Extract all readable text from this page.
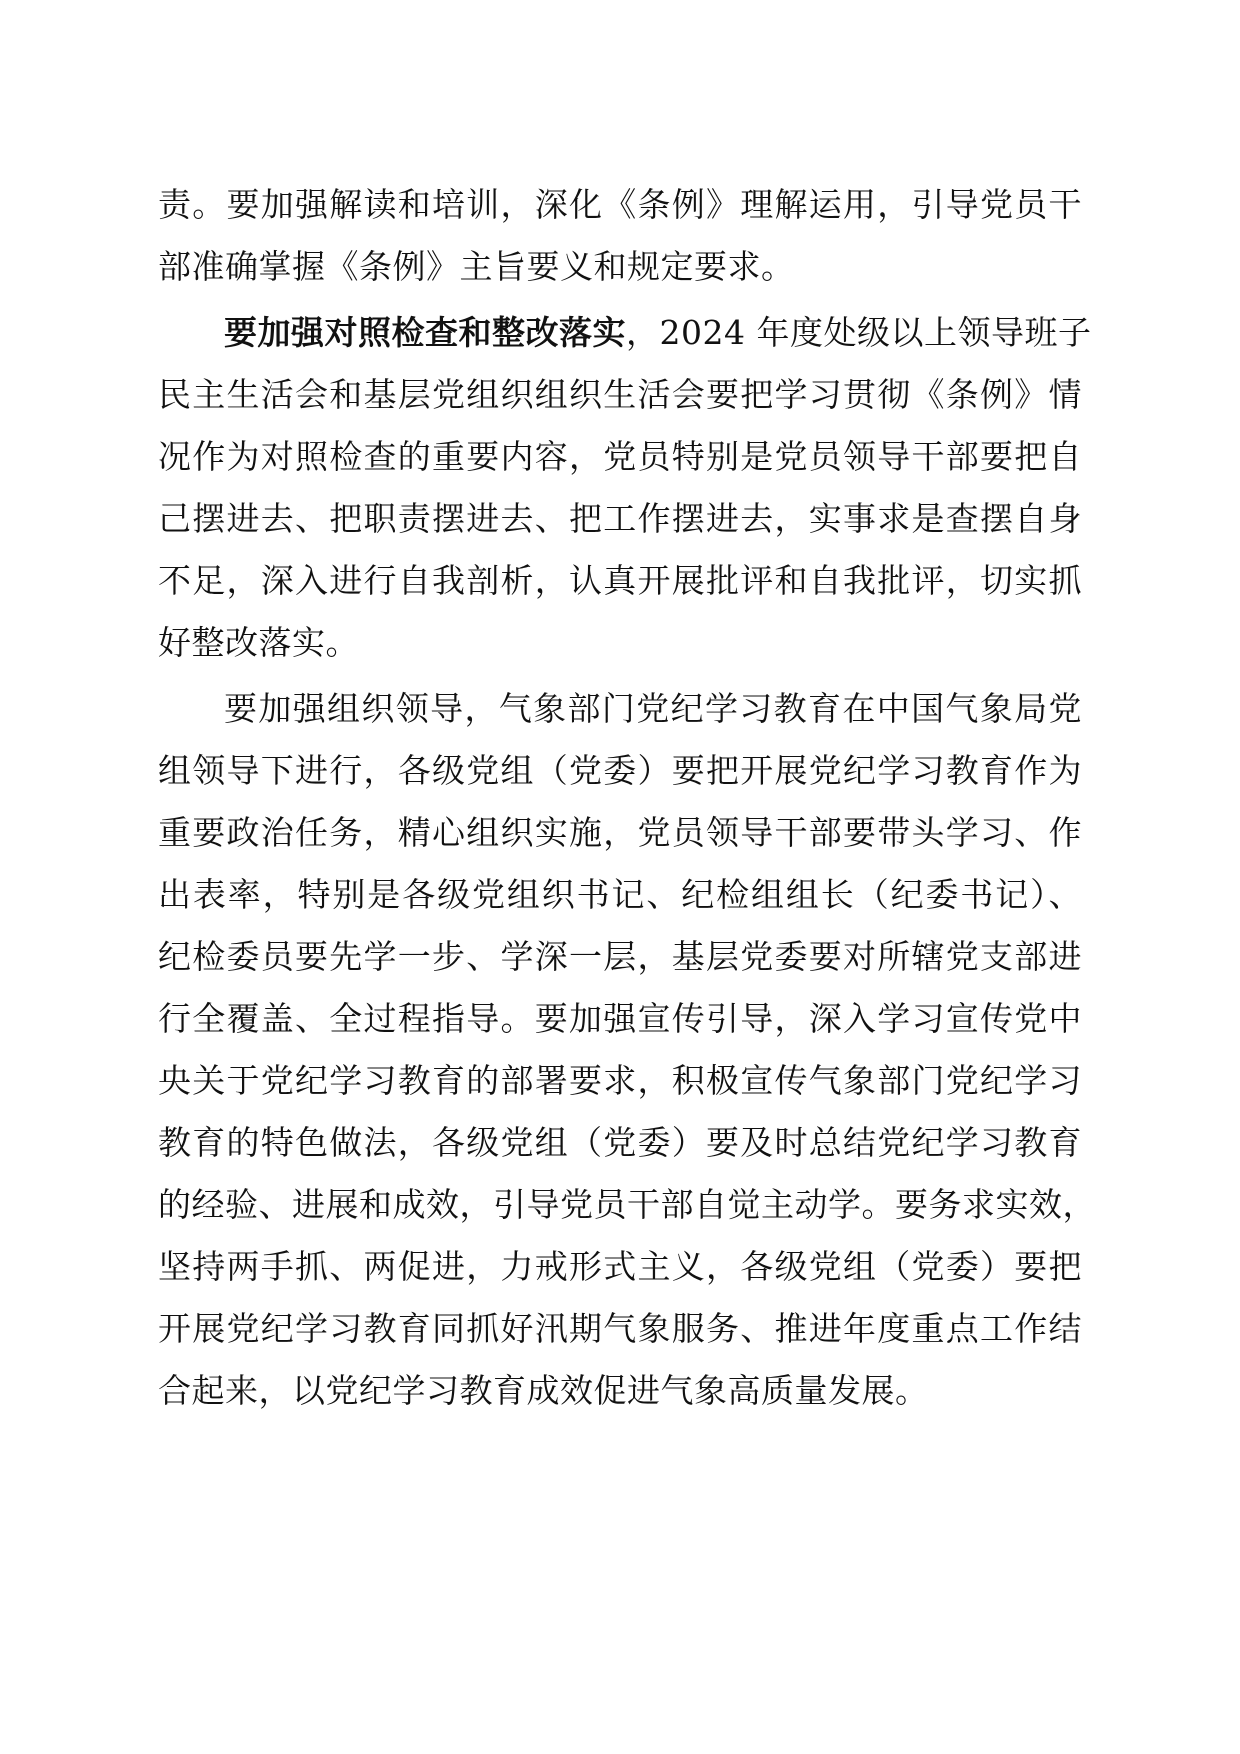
责。要加强解读和培训，深化《条例》理解运用，引导党员干
部准确掌握《条例》主旨要义和规定要求。
要加强对照检查和整改落实，2024 年度处级以上领导班子
民主生活会和基层党组织组织生活会要把学习贯彻《条例》情
况作为对照检查的重要内容，党员特别是党员领导干部要把自
己摆进去、把职责摆进去、把工作摆进去，实事求是查摆自身
不足，深入进行自我剖析，认真开展批评和自我批评，切实抓
好整改落实。
要加强组织领导，气象部门党纪学习教育在中国气象局党
组领导下进行，各级党组（党委）要把开展党纪学习教育作为
重要政治任务，精心组织实施，党员领导干部要带头学习、作
出表率，特别是各级党组织书记、纪检组组长（纪委书记）、
纪检委员要先学一步、学深一层，基层党委要对所辖党支部进
行全覆盖、全过程指导。要加强宣传引导，深入学习宣传党中
央关于党纪学习教育的部署要求，积极宣传气象部门党纪学习
教育的特色做法，各级党组（党委）要及时总结党纪学习教育
的经验、进展和成效，引导党员干部自觉主动学。要务求实效，
坚持两手抓、两促进，力戒形式主义，各级党组（党委）要把
开展党纪学习教育同抓好汛期气象服务、推进年度重点工作结
合起来，以党纪学习教育成效促进气象高质量发展。
